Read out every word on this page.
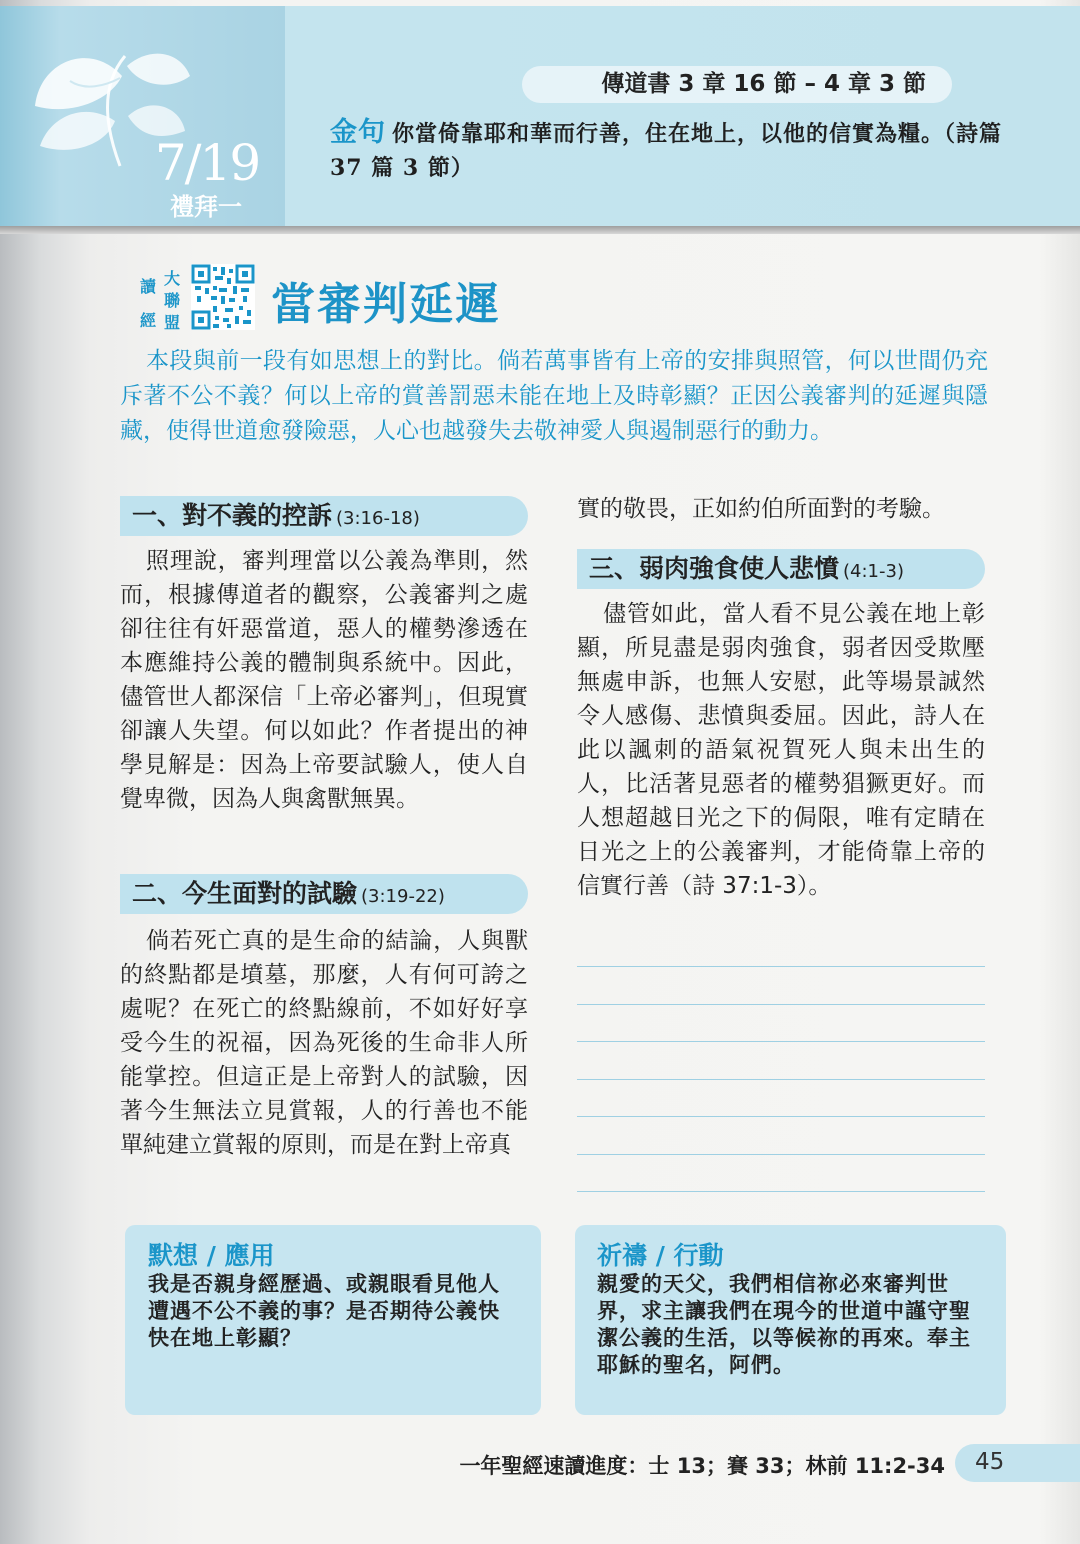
7/19
禮拜一
傳道書 3 章 16 節 – 4 章 3 節
金句 你當倚靠耶和華而行善，住在地上，以他的信實為糧。（詩篇 37 篇 3 節）
讀
經
大
聯
盟 當審判延遲
本段與前一段有如思想上的對比。倘若萬事皆有上帝的安排與照管，何以世間仍充斥著不公不義？何以上帝的賞善罰惡未能在地上及時彰顯？正因公義審判的延遲與隱藏，使得世道愈發險惡，人心也越發失去敬神愛人與遏制惡行的動力。
一、對不義的控訴 (3:16-18)
照理說，審判理當以公義為準則，然而，根據傳道者的觀察，公義審判之處卻往往有奸惡當道，惡人的權勢滲透在本應維持公義的體制與系統中。因此，儘管世人都深信「上帝必審判」，但現實卻讓人失望。何以如此？作者提出的神學見解是：因為上帝要試驗人，使人自覺卑微，因為人與禽獸無異。
二、今生面對的試驗 (3:19-22)
倘若死亡真的是生命的結論，人與獸的終點都是墳墓，那麼，人有何可誇之處呢？在死亡的終點線前，不如好好享受今生的祝福，因為死後的生命非人所能掌控。但這正是上帝對人的試驗，因著今生無法立見賞報，人的行善也不能單純建立賞報的原則，而是在對上帝真
實的敬畏，正如約伯所面對的考驗。
三、弱肉強食使人悲憤 (4:1-3)
儘管如此，當人看不見公義在地上彰顯，所見盡是弱肉強食，弱者因受欺壓無處申訴，也無人安慰，此等場景誠然令人感傷、悲憤與委屈。因此，詩人在此以諷刺的語氣祝賀死人與未出生的人，比活著見惡者的權勢猖獗更好。而人想超越日光之下的侷限，唯有定睛在日光之上的公義審判，才能倚靠上帝的信實行善（詩 37:1-3）。
默想 / 應用
我是否親身經歷過、或親眼看見他人遭遇不公不義的事？是否期待公義快快在地上彰顯？
祈禱 / 行動
親愛的天父，我們相信祢必來審判世界，求主讓我們在現今的世道中謹守聖潔公義的生活，以等候祢的再來。奉主耶穌的聖名，阿們。
一年聖經速讀進度：士 13；賽 33；林前 11:2-34 45
